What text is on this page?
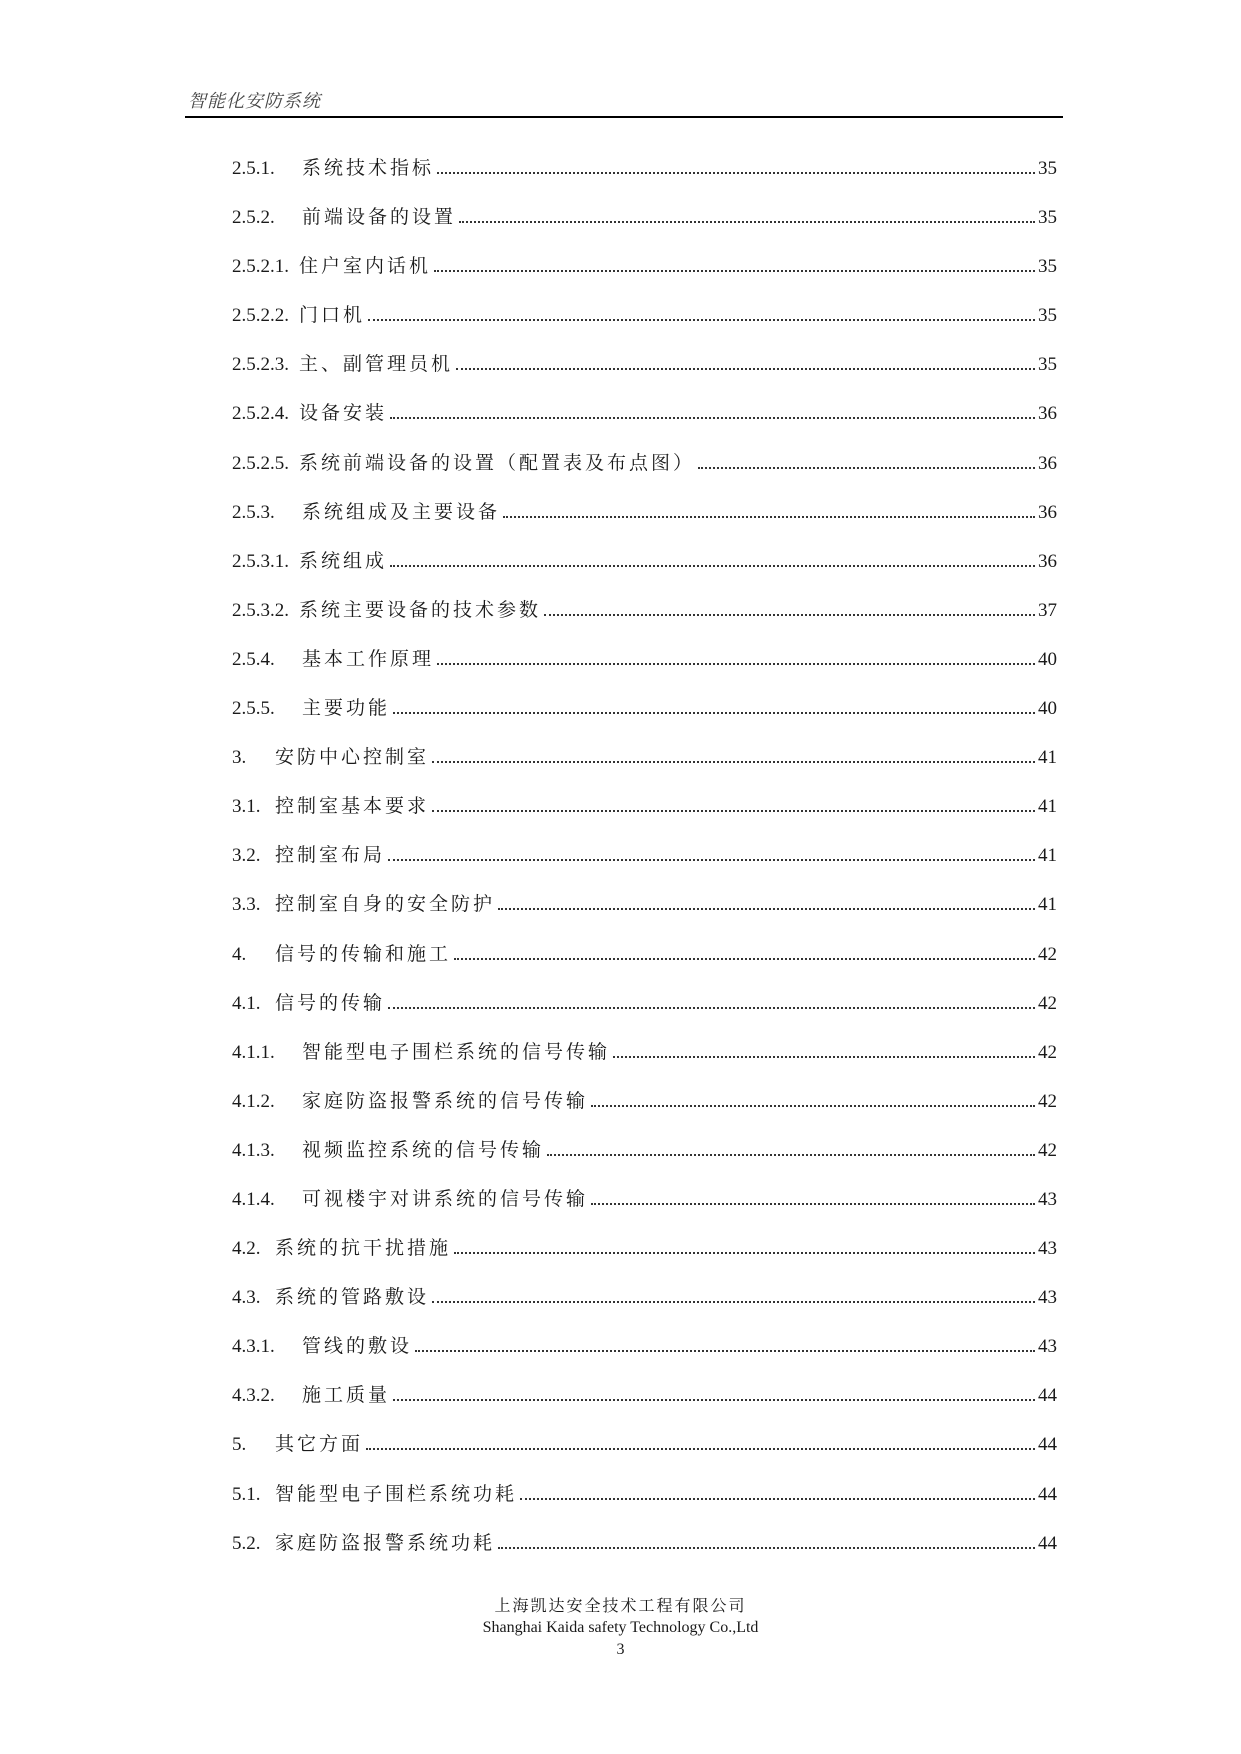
智能化安防系统
2.5.1.	系统技术指标	35
2.5.2.	前端设备的设置	35
2.5.2.1. 住户室内话机	35
2.5.2.2. 门口机	35
2.5.2.3. 主、副管理员机	35
2.5.2.4. 设备安装	36
2.5.2.5. 系统前端设备的设置（配置表及布点图）	36
2.5.3.	系统组成及主要设备	36
2.5.3.1. 系统组成	36
2.5.3.2. 系统主要设备的技术参数	37
2.5.4.	基本工作原理	40
2.5.5.	主要功能	40
3.	安防中心控制室	41
3.1. 控制室基本要求	41
3.2. 控制室布局	41
3.3. 控制室自身的安全防护	41
4.	信号的传输和施工	42
4.1. 信号的传输	42
4.1.1.	智能型电子围栏系统的信号传输	42
4.1.2.	家庭防盗报警系统的信号传输	42
4.1.3.	视频监控系统的信号传输	42
4.1.4.	可视楼宇对讲系统的信号传输	43
4.2. 系统的抗干扰措施	43
4.3. 系统的管路敷设	43
4.3.1.	管线的敷设	43
4.3.2.	施工质量	44
5.	其它方面	44
5.1. 智能型电子围栏系统功耗	44
5.2. 家庭防盗报警系统功耗	44
上海凯达安全技术工程有限公司
Shanghai Kaida safety Technology Co.,Ltd
3
